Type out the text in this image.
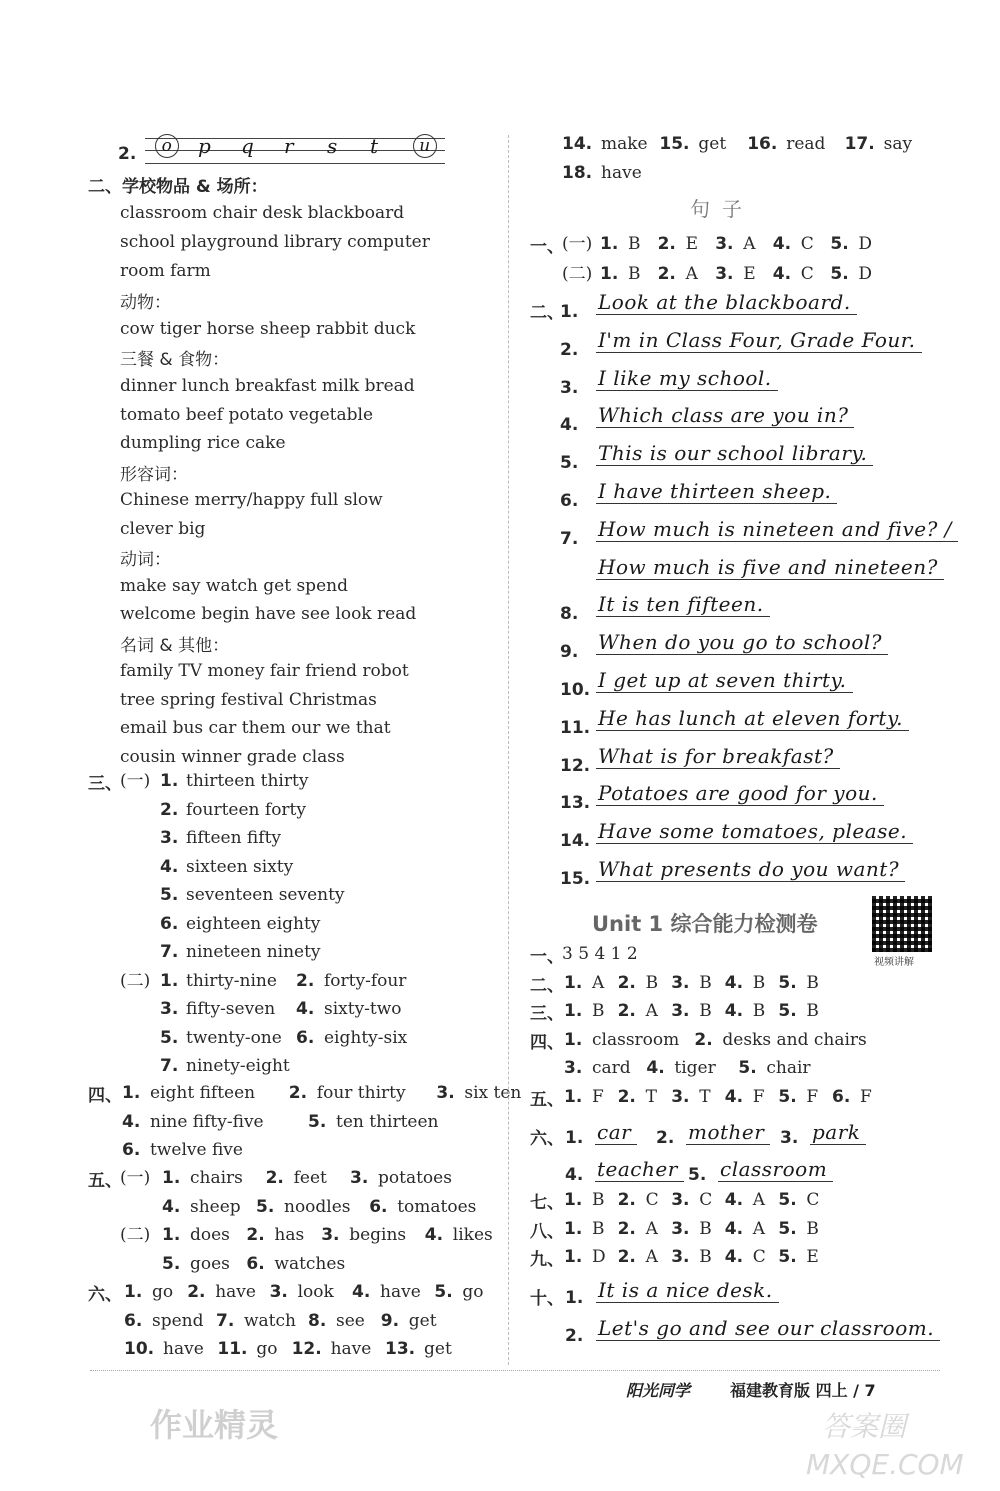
2.	o	p q r s t	u
二、学校物品 & 场所：
classroom chair desk blackboard
school playground library computer
room farm
动物：
cow tiger horse sheep rabbit duck
三餐 & 食物：
dinner lunch breakfast milk bread
tomato beef potato vegetable
dumpling rice cake
形容词：
Chinese merry/happy full slow
clever big
动词：
make say watch get spend
welcome begin have see look read
名词 & 其他：
family TV money fair friend robot
tree spring festival Christmas
email bus car them our we that
cousin winner grade class
三、
(一) 1. thirteen thirty
2. fourteen forty
3. fifteen fifty
4. sixteen sixty
5. seventeen seventy
6. eighteen eighty
7. nineteen ninety
(二) 1. thirty-nine 2. forty-four
3. fifty-seven 4. sixty-two
5. twenty-one 6. eighty-six
7. ninety-eight
四、 1. eight fifteen 2. four thirty 3. six ten
4. nine fifty-five	5. ten thirteen
6. twelve five
五、
(一) 1. chairs 2. feet 3. potatoes
4. sheep 5. noodles 6. tomatoes
(二) 1. does 2. has 3. begins 4. likes
5. goes 6. watches
六、 1. go 2. have 3. look 4. have 5. go
6. spend 7. watch 8. see 9. get
10. have 11. go 12. have 13. get
14. make 15. get 16. read 17. say
18. have
句子
一、
(一) 1. B 2. E 3. A 4. C 5. D
(二) 1. B 2. A 3. E 4. C 5. D
二、
1. Look at the blackboard.
2. I'm in Class Four, Grade Four.
3. I like my school.
4. Which class are you in?
5. This is our school library.
6. I have thirteen sheep.
7. How much is nineteen and five? /
How much is five and nineteen?
8. It is ten fifteen.
9. When do you go to school?
10. I get up at seven thirty.
11. He has lunch at eleven forty.
12. What is for breakfast?
13. Potatoes are good for you.
14. Have some tomatoes, please.
15. What presents do you want?
Unit 1 综合能力检测卷
视频讲解
一、
3 5 4 1 2
二、 1. A 2. B 3. B 4. B 5. B
三、 1. B 2. A 3. B 4. B 5. B
四、 1. classroom 2. desks and chairs
3. card 4. tiger 5. chair
五、 1. F 2. T 3. T 4. F 5. F 6. F
六、 1. car	2. mother 3. park
4. teacher 5. classroom
七、 1. B 2. C 3. C 4. A 5. C
八、 1. B 2. A 3. B 4. A 5. B
九、 1. D 2. A 3. B 4. C 5. E
十、 1. It is a nice desk.
2. Let's go and see our classroom.
阳光同学 福建教育版 四上 / 7
作业精灵	答案圈
MXQE.COM
